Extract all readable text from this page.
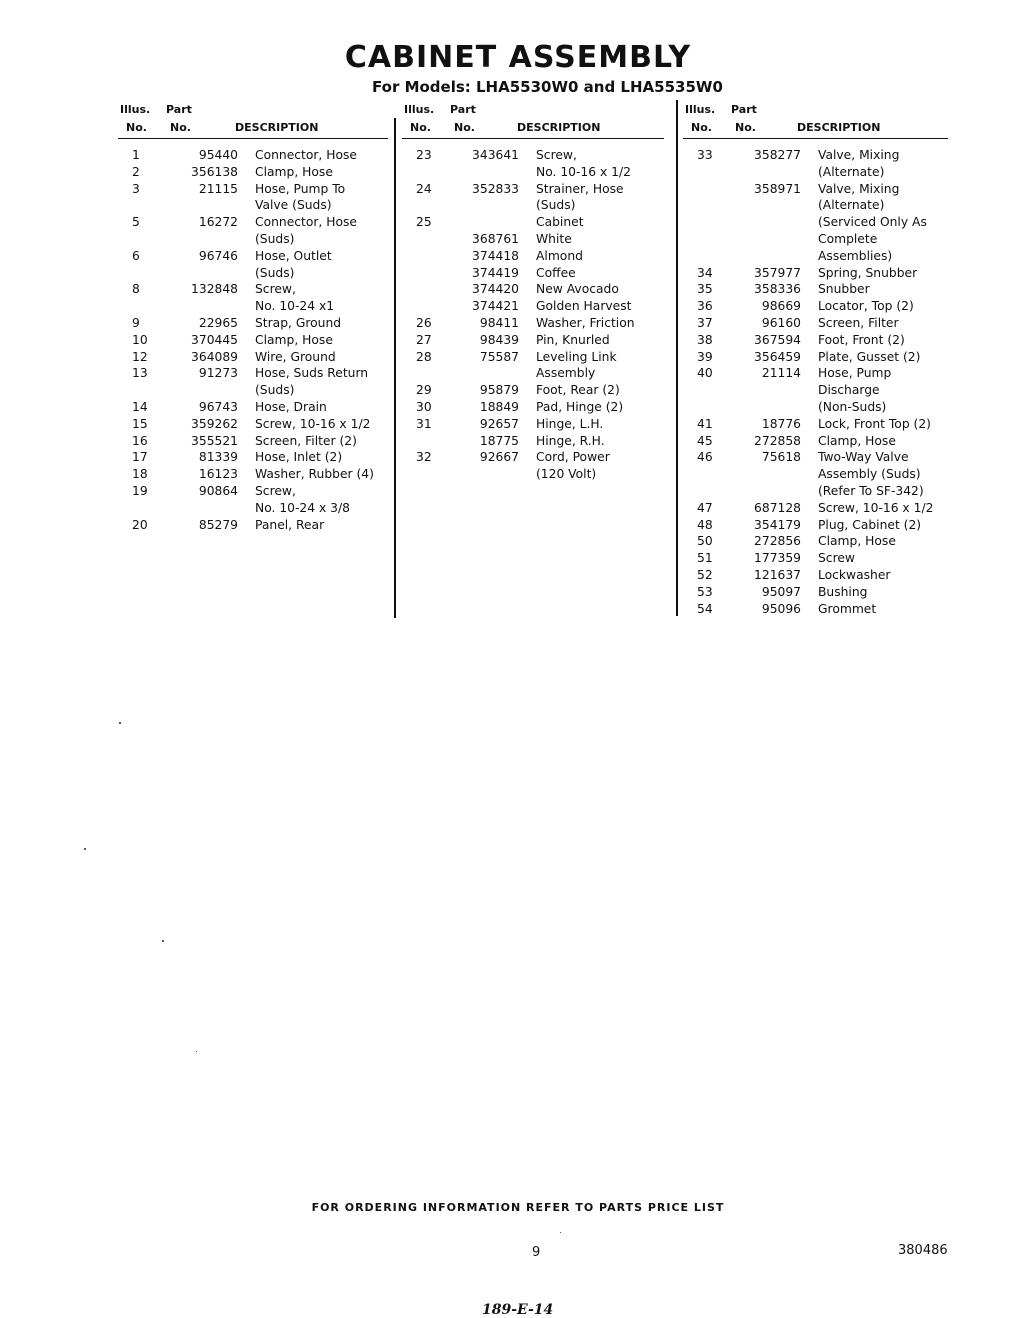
CABINET ASSEMBLY
For Models: LHA5530W0 and LHA5535W0
Illus. Part
No. No.	DESCRIPTION
1	95440 Connector, Hose
2	356138 Clamp, Hose
3	21115 Hose, Pump To
Valve (Suds)
5	16272 Connector, Hose
(Suds)
6	96746 Hose, Outlet
(Suds)
8	132848 Screw,
No. 10-24 x1
9	22965 Strap, Ground
10	370445 Clamp, Hose
12	364089 Wire, Ground
13	91273 Hose, Suds Return
(Suds)
14	96743 Hose, Drain
15	359262 Screw, 10-16 x 1/2
16	355521 Screen, Filter (2)
17	81339 Hose, Inlet (2)
18	16123 Washer, Rubber (4)
19	90864 Screw,
No. 10-24 x 3/8
20	85279 Panel, Rear
Illus. Part
No. No.	DESCRIPTION
23	343641 Screw,
No. 10-16 x 1/2
24	352833 Strainer, Hose
(Suds)
25	Cabinet
368761 White
374418 Almond
374419 Coffee
374420 New Avocado
374421 Golden Harvest
26	98411 Washer, Friction
27	98439 Pin, Knurled
28	75587 Leveling Link
Assembly
29	95879 Foot, Rear (2)
30	18849 Pad, Hinge (2)
31	92657 Hinge, L.H.
18775 Hinge, R.H.
32	92667 Cord, Power
(120 Volt)
Illus. Part
No. No.	DESCRIPTION
33	358277 Valve, Mixing
(Alternate)
358971 Valve, Mixing
(Alternate)
(Serviced Only As
Complete
Assemblies)
34	357977 Spring, Snubber
35	358336 Snubber
36	98669 Locator, Top (2)
37	96160 Screen, Filter
38	367594 Foot, Front (2)
39	356459 Plate, Gusset (2)
40	21114 Hose, Pump
Discharge
(Non-Suds)
41	18776 Lock, Front Top (2)
45	272858 Clamp, Hose
46	75618 Two-Way Valve
Assembly (Suds)
(Refer To SF-342)
47	687128 Screw, 10-16 x 1/2
48	354179 Plug, Cabinet (2)
50	272856 Clamp, Hose
51	177359 Screw
52	121637 Lockwasher
53	95097 Bushing
54	95096 Grommet
FOR ORDERING INFORMATION REFER TO PARTS PRICE LIST
9	380486
189-E-14
